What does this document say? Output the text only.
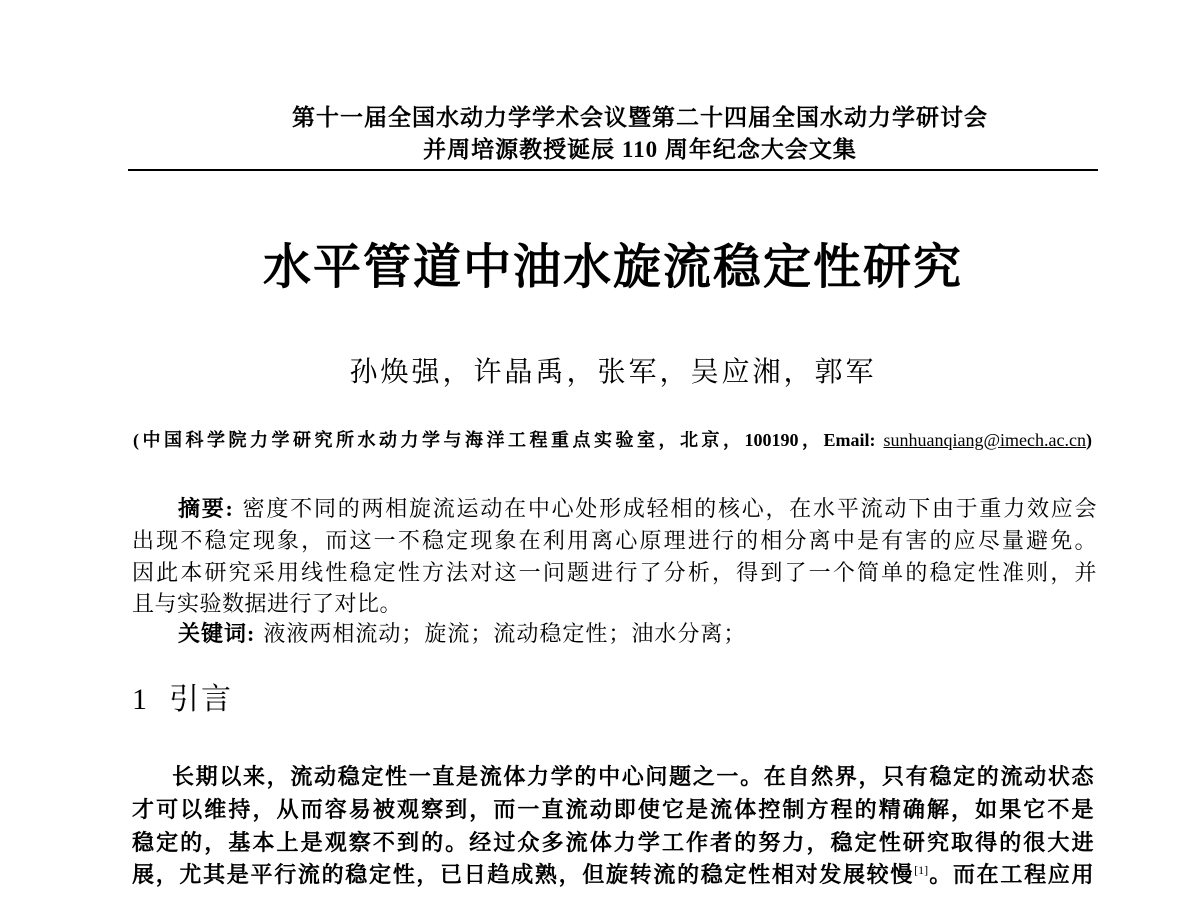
第十一届全国水动力学学术会议暨第二十四届全国水动力学研讨会
并周培源教授诞辰 110 周年纪念大会文集
水平管道中油水旋流稳定性研究
孙焕强，许晶禹，张军，吴应湘，郭军
(中国科学院力学研究所水动力学与海洋工程重点实验室，北京，100190，Email: sunhuanqiang@imech.ac.cn)
摘要: 密度不同的两相旋流运动在中心处形成轻相的核心，在水平流动下由于重力效应会
出现不稳定现象，而这一不稳定现象在利用离心原理进行的相分离中是有害的应尽量避免。
因此本研究采用线性稳定性方法对这一问题进行了分析，得到了一个简单的稳定性准则，并
且与实验数据进行了对比。
关键词: 液液两相流动；旋流；流动稳定性；油水分离；
1 引言
长期以来，流动稳定性一直是流体力学的中心问题之一。在自然界，只有稳定的流动状态
才可以维持，从而容易被观察到，而一直流动即使它是流体控制方程的精确解，如果它不是
稳定的，基本上是观察不到的。经过众多流体力学工作者的努力，稳定性研究取得的很大进
展，尤其是平行流的稳定性，已日趋成熟，但旋转流的稳定性相对发展较慢[1]。而在工程应用
